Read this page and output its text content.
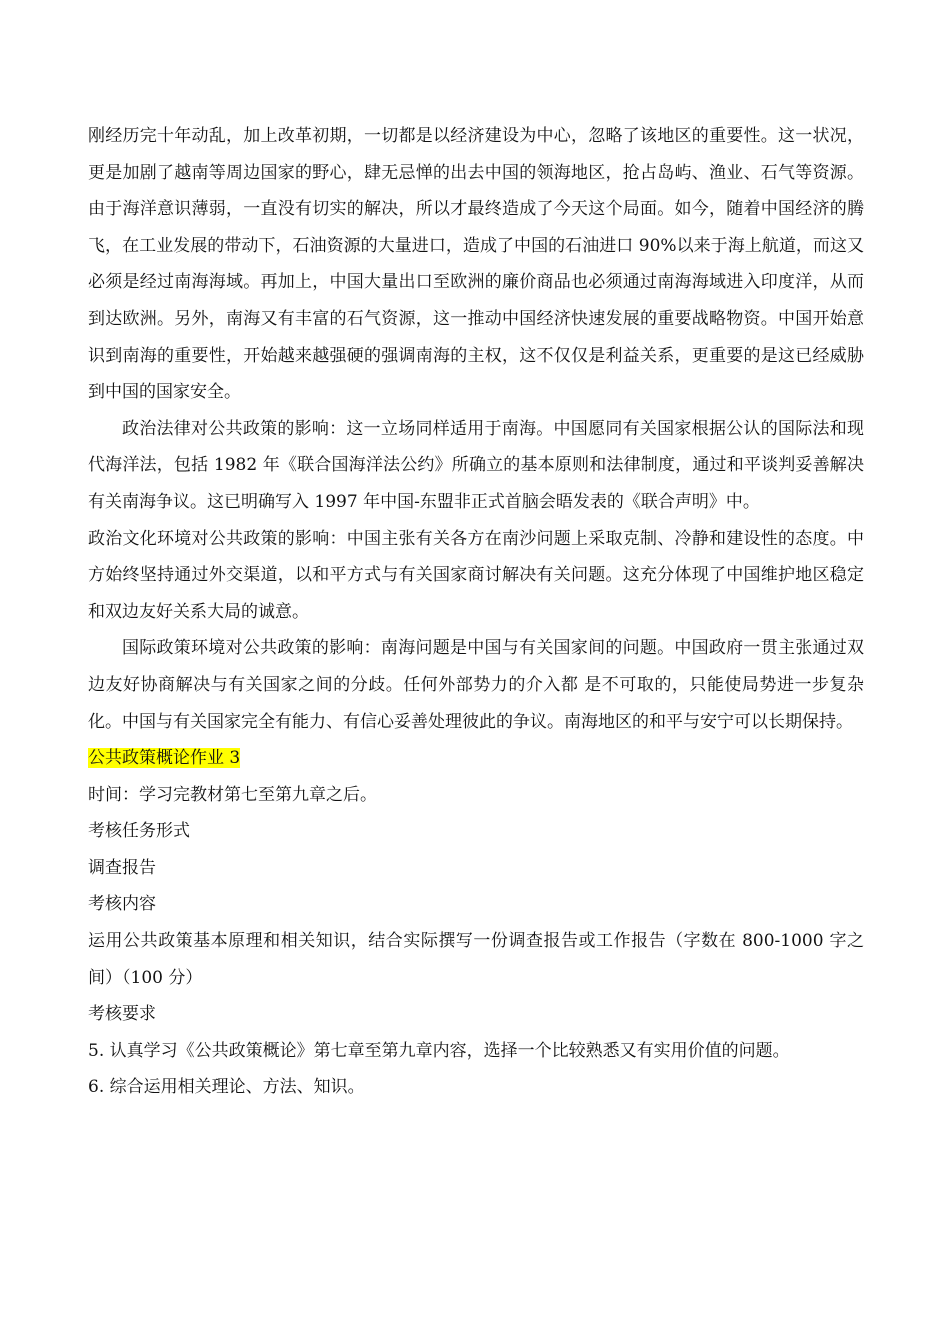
刚经历完十年动乱，加上改革初期，一切都是以经济建设为中心，忽略了该地区的重要性。这一状况，更是加剧了越南等周边国家的野心，肆无忌惮的出去中国的领海地区，抢占岛屿、渔业、石气等资源。由于海洋意识薄弱，一直没有切实的解决，所以才最终造成了今天这个局面。如今，随着中国经济的腾飞，在工业发展的带动下，石油资源的大量进口，造成了中国的石油进口 90%以来于海上航道，而这又必须是经过南海海域。再加上，中国大量出口至欧洲的廉价商品也必须通过南海海域进入印度洋，从而到达欧洲。另外，南海又有丰富的石气资源，这一推动中国经济快速发展的重要战略物资。中国开始意识到南海的重要性，开始越来越强硬的强调南海的主权，这不仅仅是利益关系，更重要的是这已经威胁到中国的国家安全。

政治法律对公共政策的影响：这一立场同样适用于南海。中国愿同有关国家根据公认的国际法和现代海洋法，包括 1982 年《联合国海洋法公约》所确立的基本原则和法律制度，通过和平谈判妥善解决有关南海争议。这已明确写入 1997 年中国-东盟非正式首脑会晤发表的《联合声明》中。

政治文化环境对公共政策的影响：中国主张有关各方在南沙问题上采取克制、冷静和建设性的态度。中方始终坚持通过外交渠道，以和平方式与有关国家商讨解决有关问题。这充分体现了中国维护地区稳定和双边友好关系大局的诚意。

国际政策环境对公共政策的影响：南海问题是中国与有关国家间的问题。中国政府一贯主张通过双边友好协商解决与有关国家之间的分歧。任何外部势力的介入都 是不可取的，只能使局势进一步复杂化。中国与有关国家完全有能力、有信心妥善处理彼此的争议。南海地区的和平与安宁可以长期保持。

公共政策概论作业 3

时间：学习完教材第七至第九章之后。

考核任务形式

调查报告

考核内容

运用公共政策基本原理和相关知识，结合实际撰写一份调查报告或工作报告（字数在 800-1000 字之间）（100 分）

考核要求

5. 认真学习《公共政策概论》第七章至第九章内容，选择一个比较熟悉又有实用价值的问题。

6. 综合运用相关理论、方法、知识。
